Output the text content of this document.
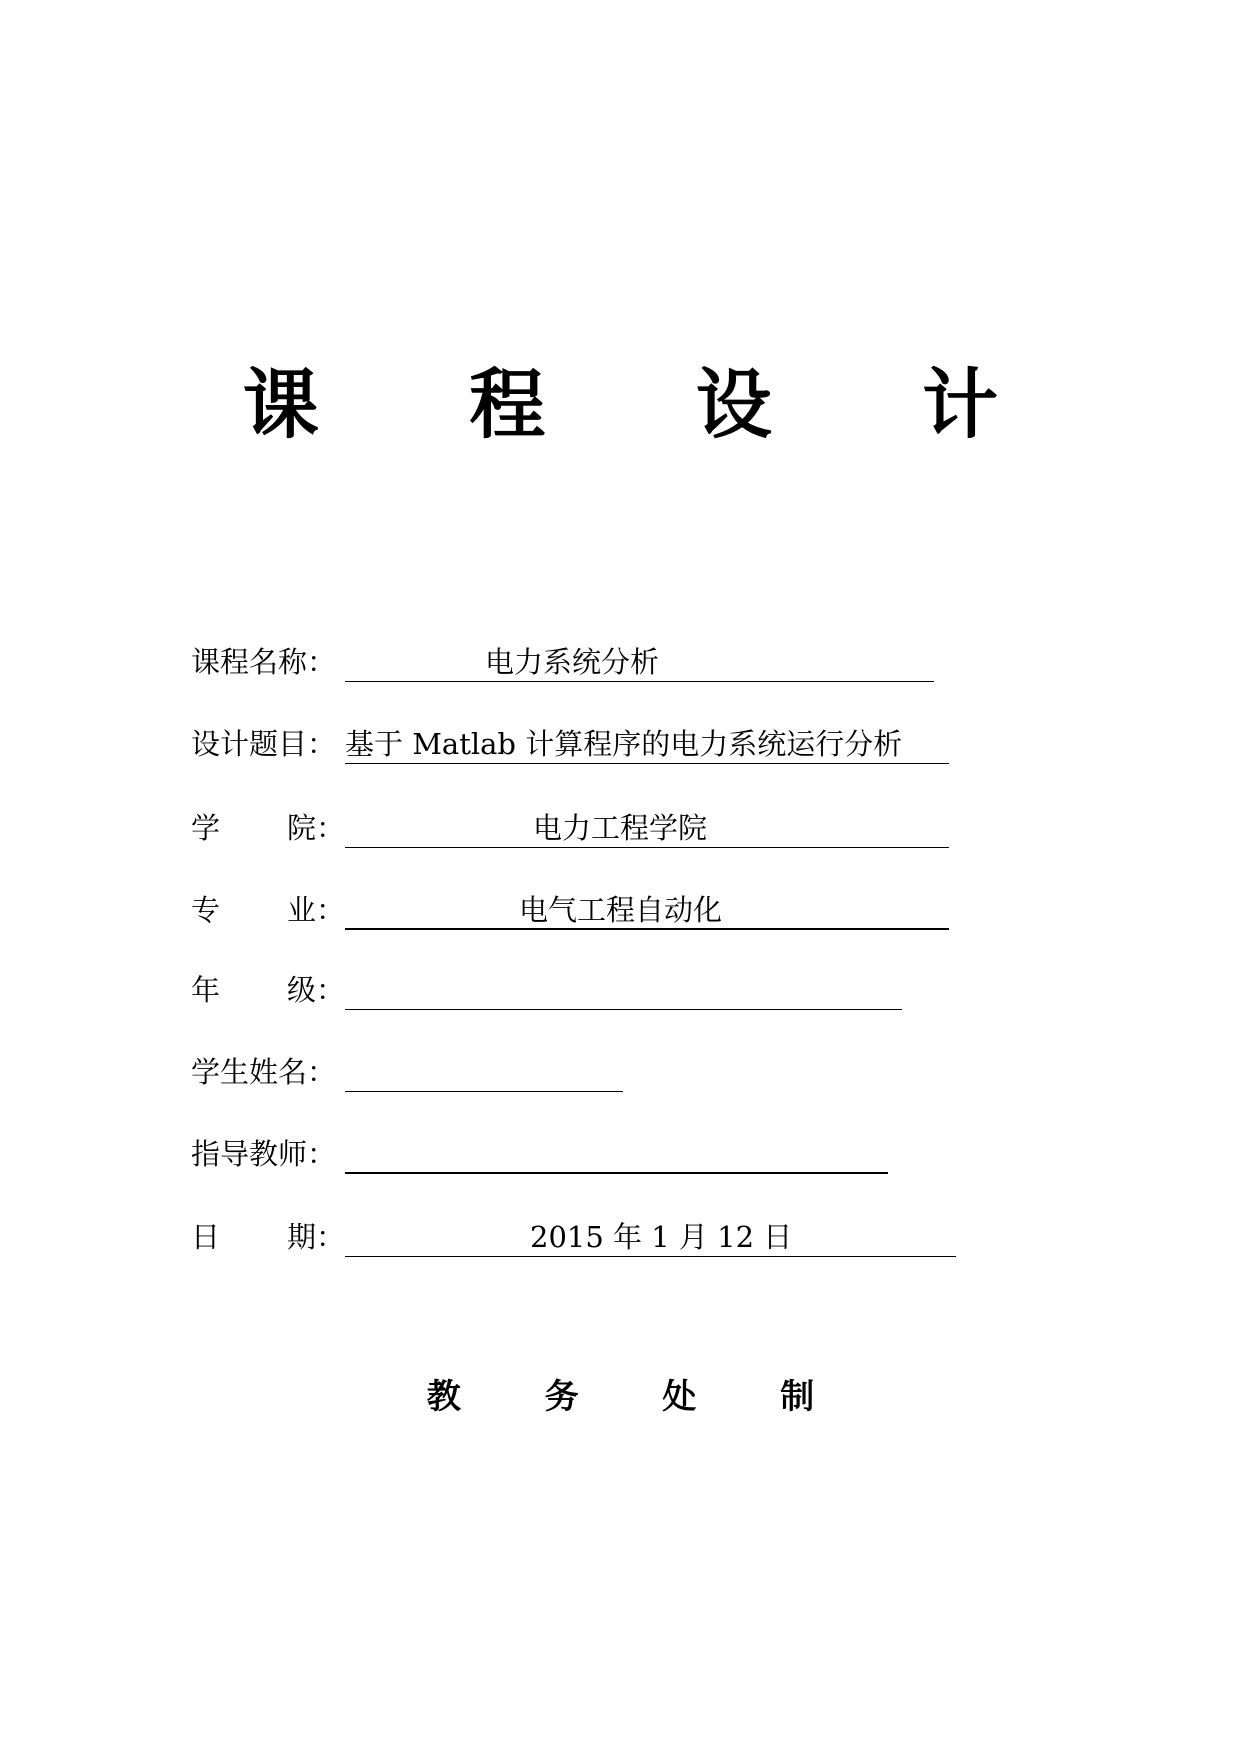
课 程 设 计
课程名称：	电力系统分析
设计题目： 基于 Matlab 计算程序的电力系统运行分析
学 院：	电力工程学院
专 业：	电气工程自动化
年 级：
学生姓名：
指导教师：
日 期：	2015 年 1 月 12 日
教 务 处 制
